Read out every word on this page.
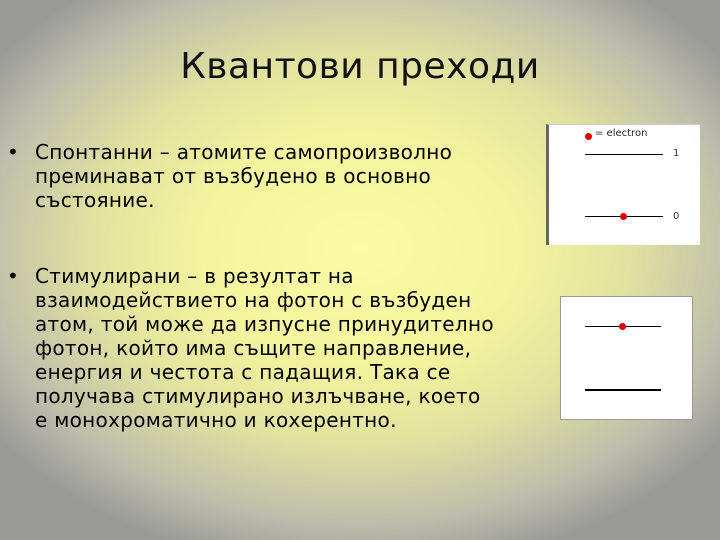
Квантови преходи
• Спонтанни – атомите самопроизволно
преминават от възбудено в основно
състояние.
• Стимулирани – в резултат на
взаимодействието на фотон с възбуден
атом, той може да изпусне принудително
фотон, който има същите направление,
енергия и честота с падащия. Така се
получава стимулирано излъчване, което
е монохроматично и кохерентно.
= electron
1
0
